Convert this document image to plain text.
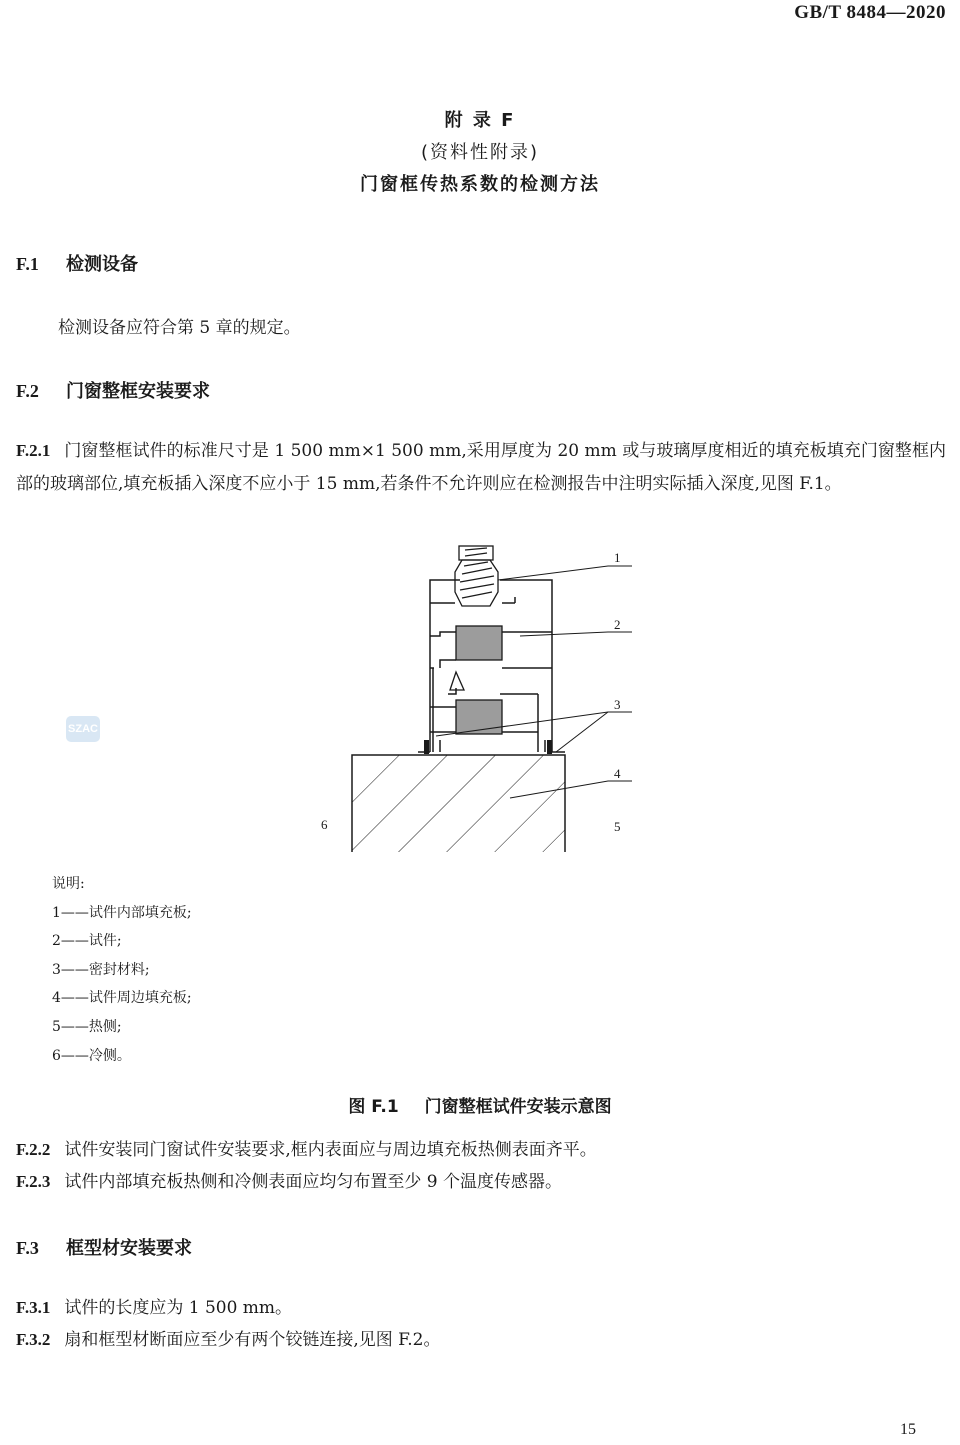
GB/T 8484—2020
附 录 F
(资料性附录)
门窗框传热系数的检测方法
F.1 检测设备
检测设备应符合第 5 章的规定。
F.2 门窗整框安装要求
F.2.1 门窗整框试件的标准尺寸是 1 500 mm×1 500 mm,采用厚度为 20 mm 或与玻璃厚度相近的填充板填充门窗整框内部的玻璃部位,填充板插入深度不应小于 15 mm,若条件不允许则应在检测报告中注明实际插入深度,见图 F.1。
SZAC
1
2
3
4
5
6
说明:
1——试件内部填充板;
2——试件;
3——密封材料;
4——试件周边填充板;
5——热侧;
6——冷侧。
图 F.1 门窗整框试件安装示意图
F.2.2 试件安装同门窗试件安装要求,框内表面应与周边填充板热侧表面齐平。
F.2.3 试件内部填充板热侧和冷侧表面应均匀布置至少 9 个温度传感器。
F.3 框型材安装要求
F.3.1 试件的长度应为 1 500 mm。
F.3.2 扇和框型材断面应至少有两个铰链连接,见图 F.2。
15
